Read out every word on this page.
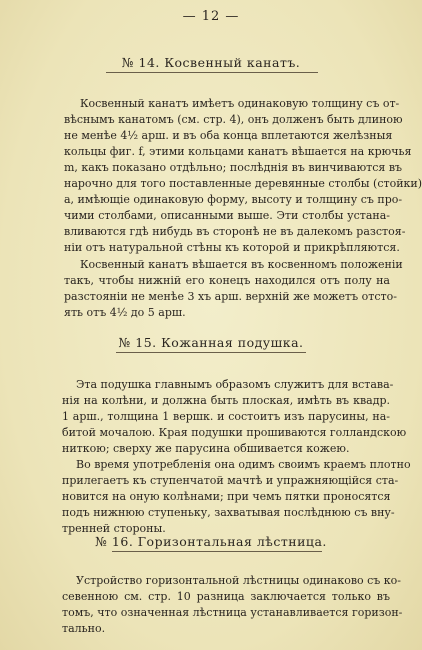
— 12 —
№ 14. Косвенный канатъ.
Косвенный канатъ имѣетъ одинаковую толщину съ от-
вѣснымъ канатомъ (см. стр. 4), онъ долженъ быть длиною
не менѣе 4½ арш. и въ оба конца вплетаются желѣзныя
кольцы фиг. f, этими кольцами канатъ вѣшается на крючья
m, какъ показано отдѣльно; послѣднія въ винчиваются въ
нарочно для того поставленные деревянные столбы (стойки)
a, имѣющіе одинаковую форму, высоту и толщину съ про-
чими столбами, описанными выше. Эти столбы устана-
вливаются гдѣ нибудь въ сторонѣ не въ далекомъ разстоя-
ніи отъ натуральной стѣны къ которой и прикрѣпляются.
Косвенный канатъ вѣшается въ косвенномъ положеніи
такъ, чтобы нижній его конецъ находился отъ полу на
разстояніи не менѣе 3 хъ арш. верхній же можетъ отсто-
ять отъ 4½ до 5 арш.
№ 15. Кожанная подушка.
Эта подушка главнымъ образомъ служитъ для встава-
нія на колѣни, и должна быть плоская, имѣть въ квадр.
1 арш., толщина 1 вершк. и состоитъ изъ парусины, на-
битой мочалою. Края подушки прошиваются голландскою
ниткою; сверху же парусина обшивается кожею.
Во время употребленія она одимъ своимъ краемъ плотно
прилегаетъ къ ступенчатой мачтѣ и упражняющійся ста-
новится на оную колѣнами; при чемъ пятки проносятся
подъ нижнюю ступеньку, захватывая послѣднюю съ вну-
тренней стороны.
№ 16. Горизонтальная лѣстница.
Устройство горизонтальной лѣстницы одинаково съ ко-
севенною см. стр. 10 разница заключается только въ
томъ, что означенная лѣстница устанавливается горизон-
тально.
